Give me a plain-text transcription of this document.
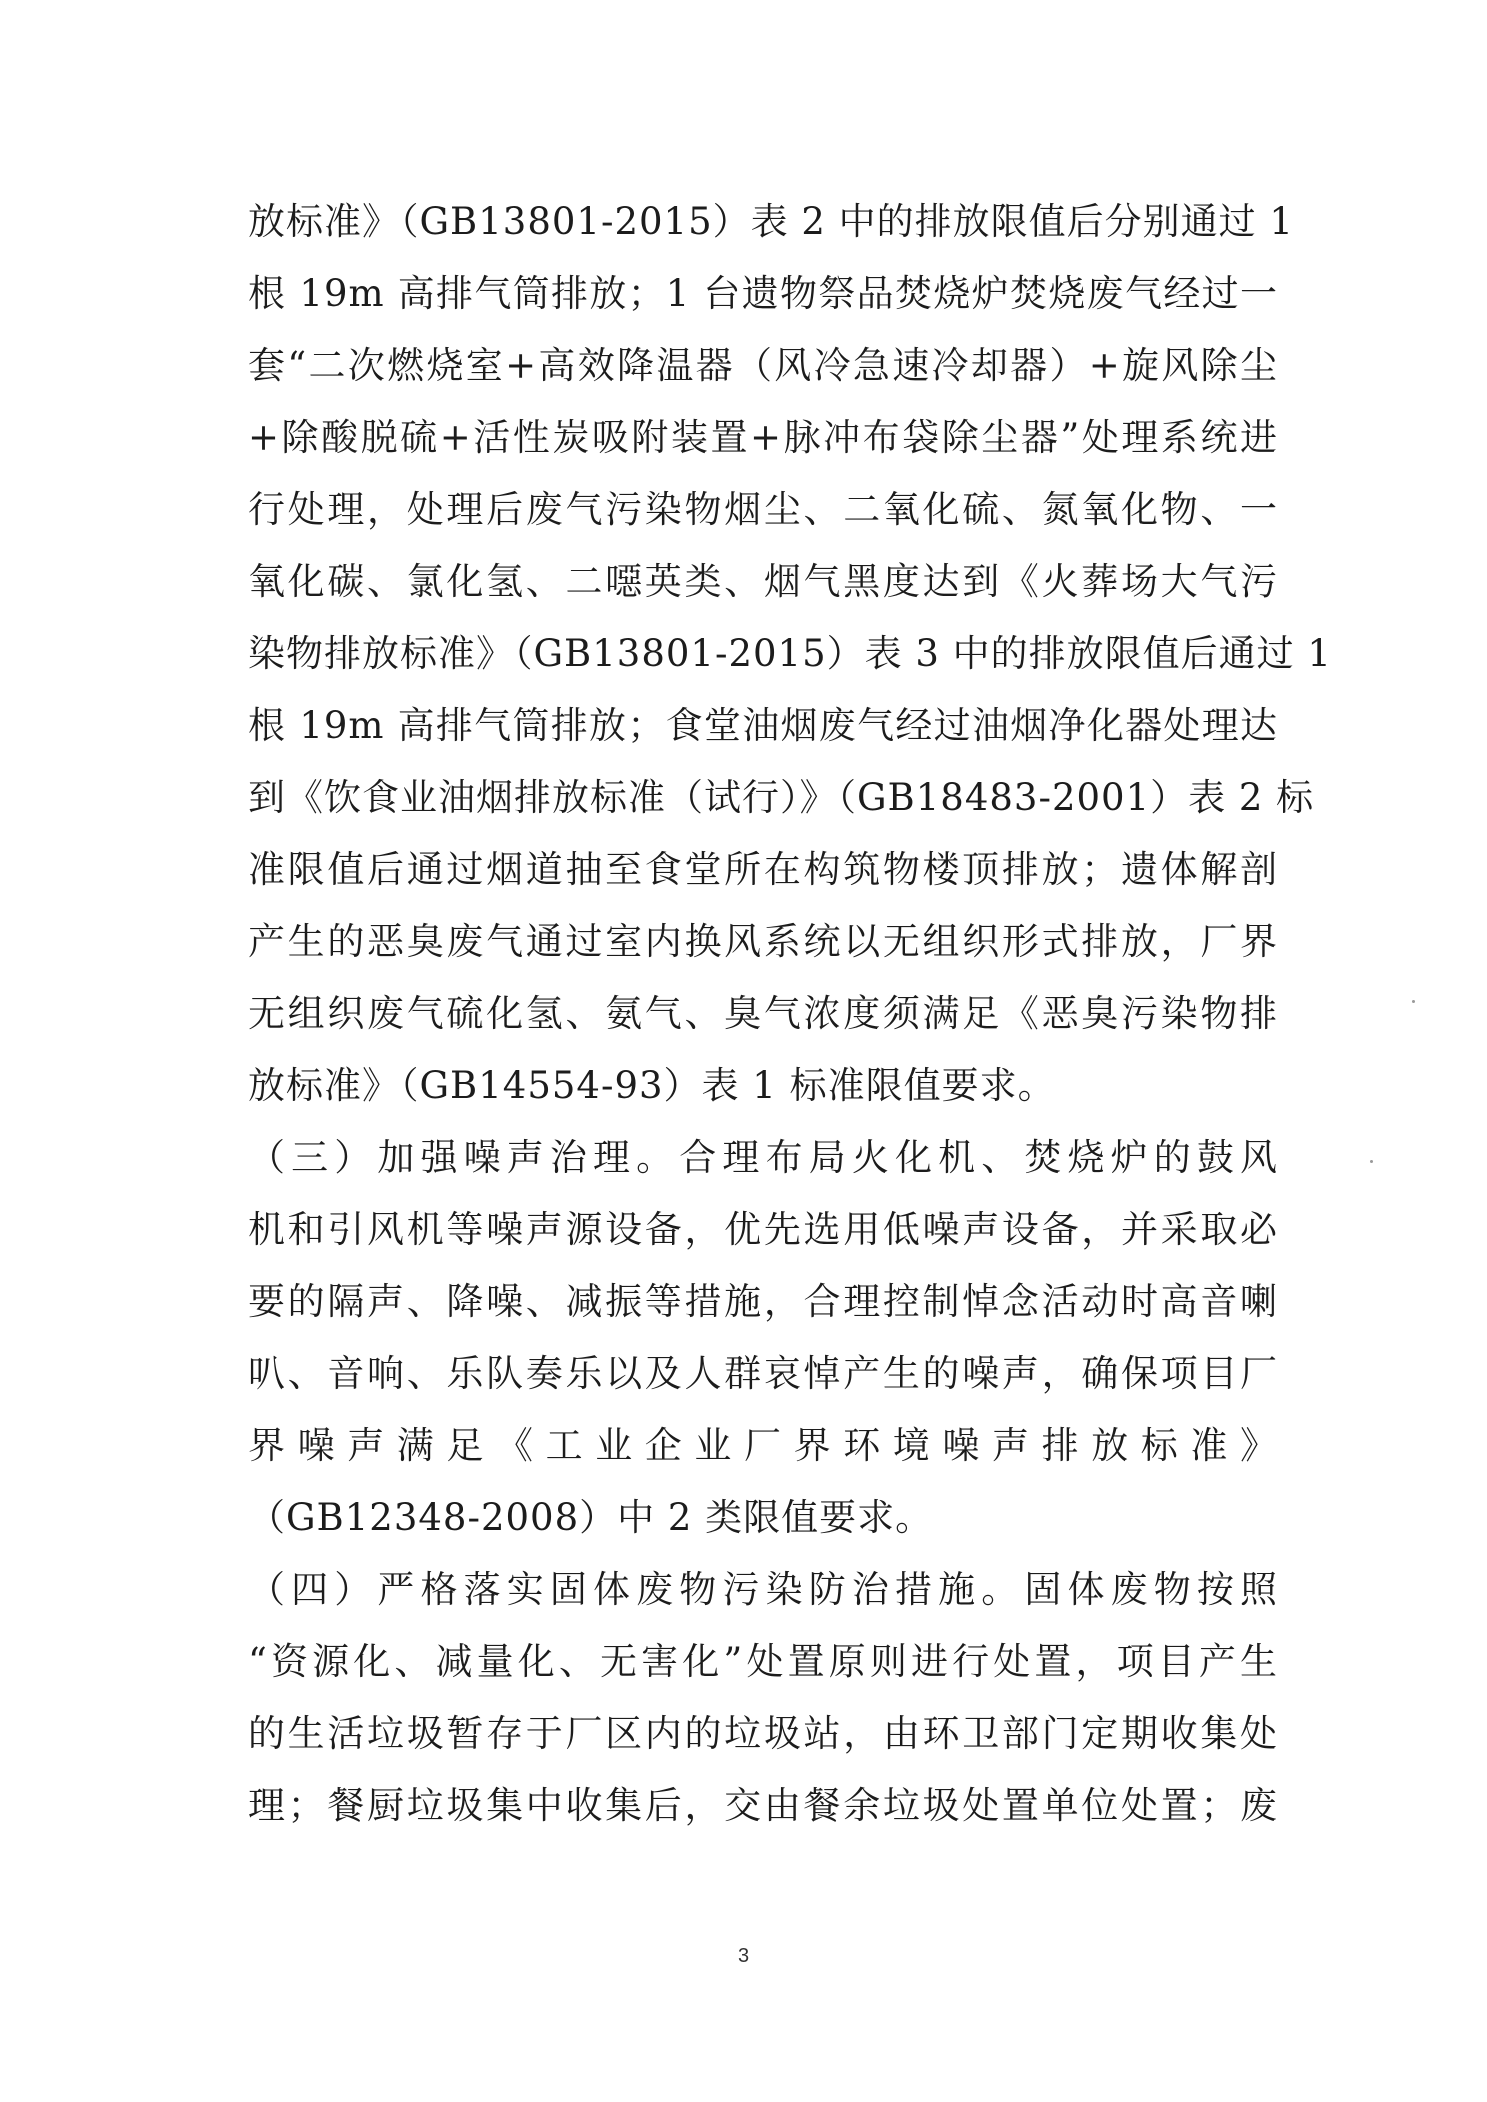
放标准》（GB13801-2015）表 2 中的排放限值后分别通过 1
根 19m 高排气筒排放；1 台遗物祭品焚烧炉焚烧废气经过一
套“二次燃烧室+高效降温器（风冷急速冷却器）+旋风除尘
+除酸脱硫+活性炭吸附装置+脉冲布袋除尘器”处理系统进
行处理，处理后废气污染物烟尘、二氧化硫、氮氧化物、一
氧化碳、氯化氢、二噁英类、烟气黑度达到《火葬场大气污
染物排放标准》（GB13801-2015）表 3 中的排放限值后通过 1
根 19m 高排气筒排放；食堂油烟废气经过油烟净化器处理达
到《饮食业油烟排放标准（试行）》（GB18483-2001）表 2 标
准限值后通过烟道抽至食堂所在构筑物楼顶排放；遗体解剖
产生的恶臭废气通过室内换风系统以无组织形式排放，厂界
无组织废气硫化氢、氨气、臭气浓度须满足《恶臭污染物排
放标准》（GB14554-93）表 1 标准限值要求。
（三）加强噪声治理。合理布局火化机、焚烧炉的鼓风
机和引风机等噪声源设备，优先选用低噪声设备，并采取必
要的隔声、降噪、减振等措施，合理控制悼念活动时高音喇
叭、音响、乐队奏乐以及人群哀悼产生的噪声，确保项目厂
界噪声满足《工业企业厂界环境噪声排放标准》
（GB12348-2008）中 2 类限值要求。
（四）严格落实固体废物污染防治措施。固体废物按照
“资源化、减量化、无害化”处置原则进行处置，项目产生
的生活垃圾暂存于厂区内的垃圾站，由环卫部门定期收集处
理；餐厨垃圾集中收集后，交由餐余垃圾处置单位处置；废
3
